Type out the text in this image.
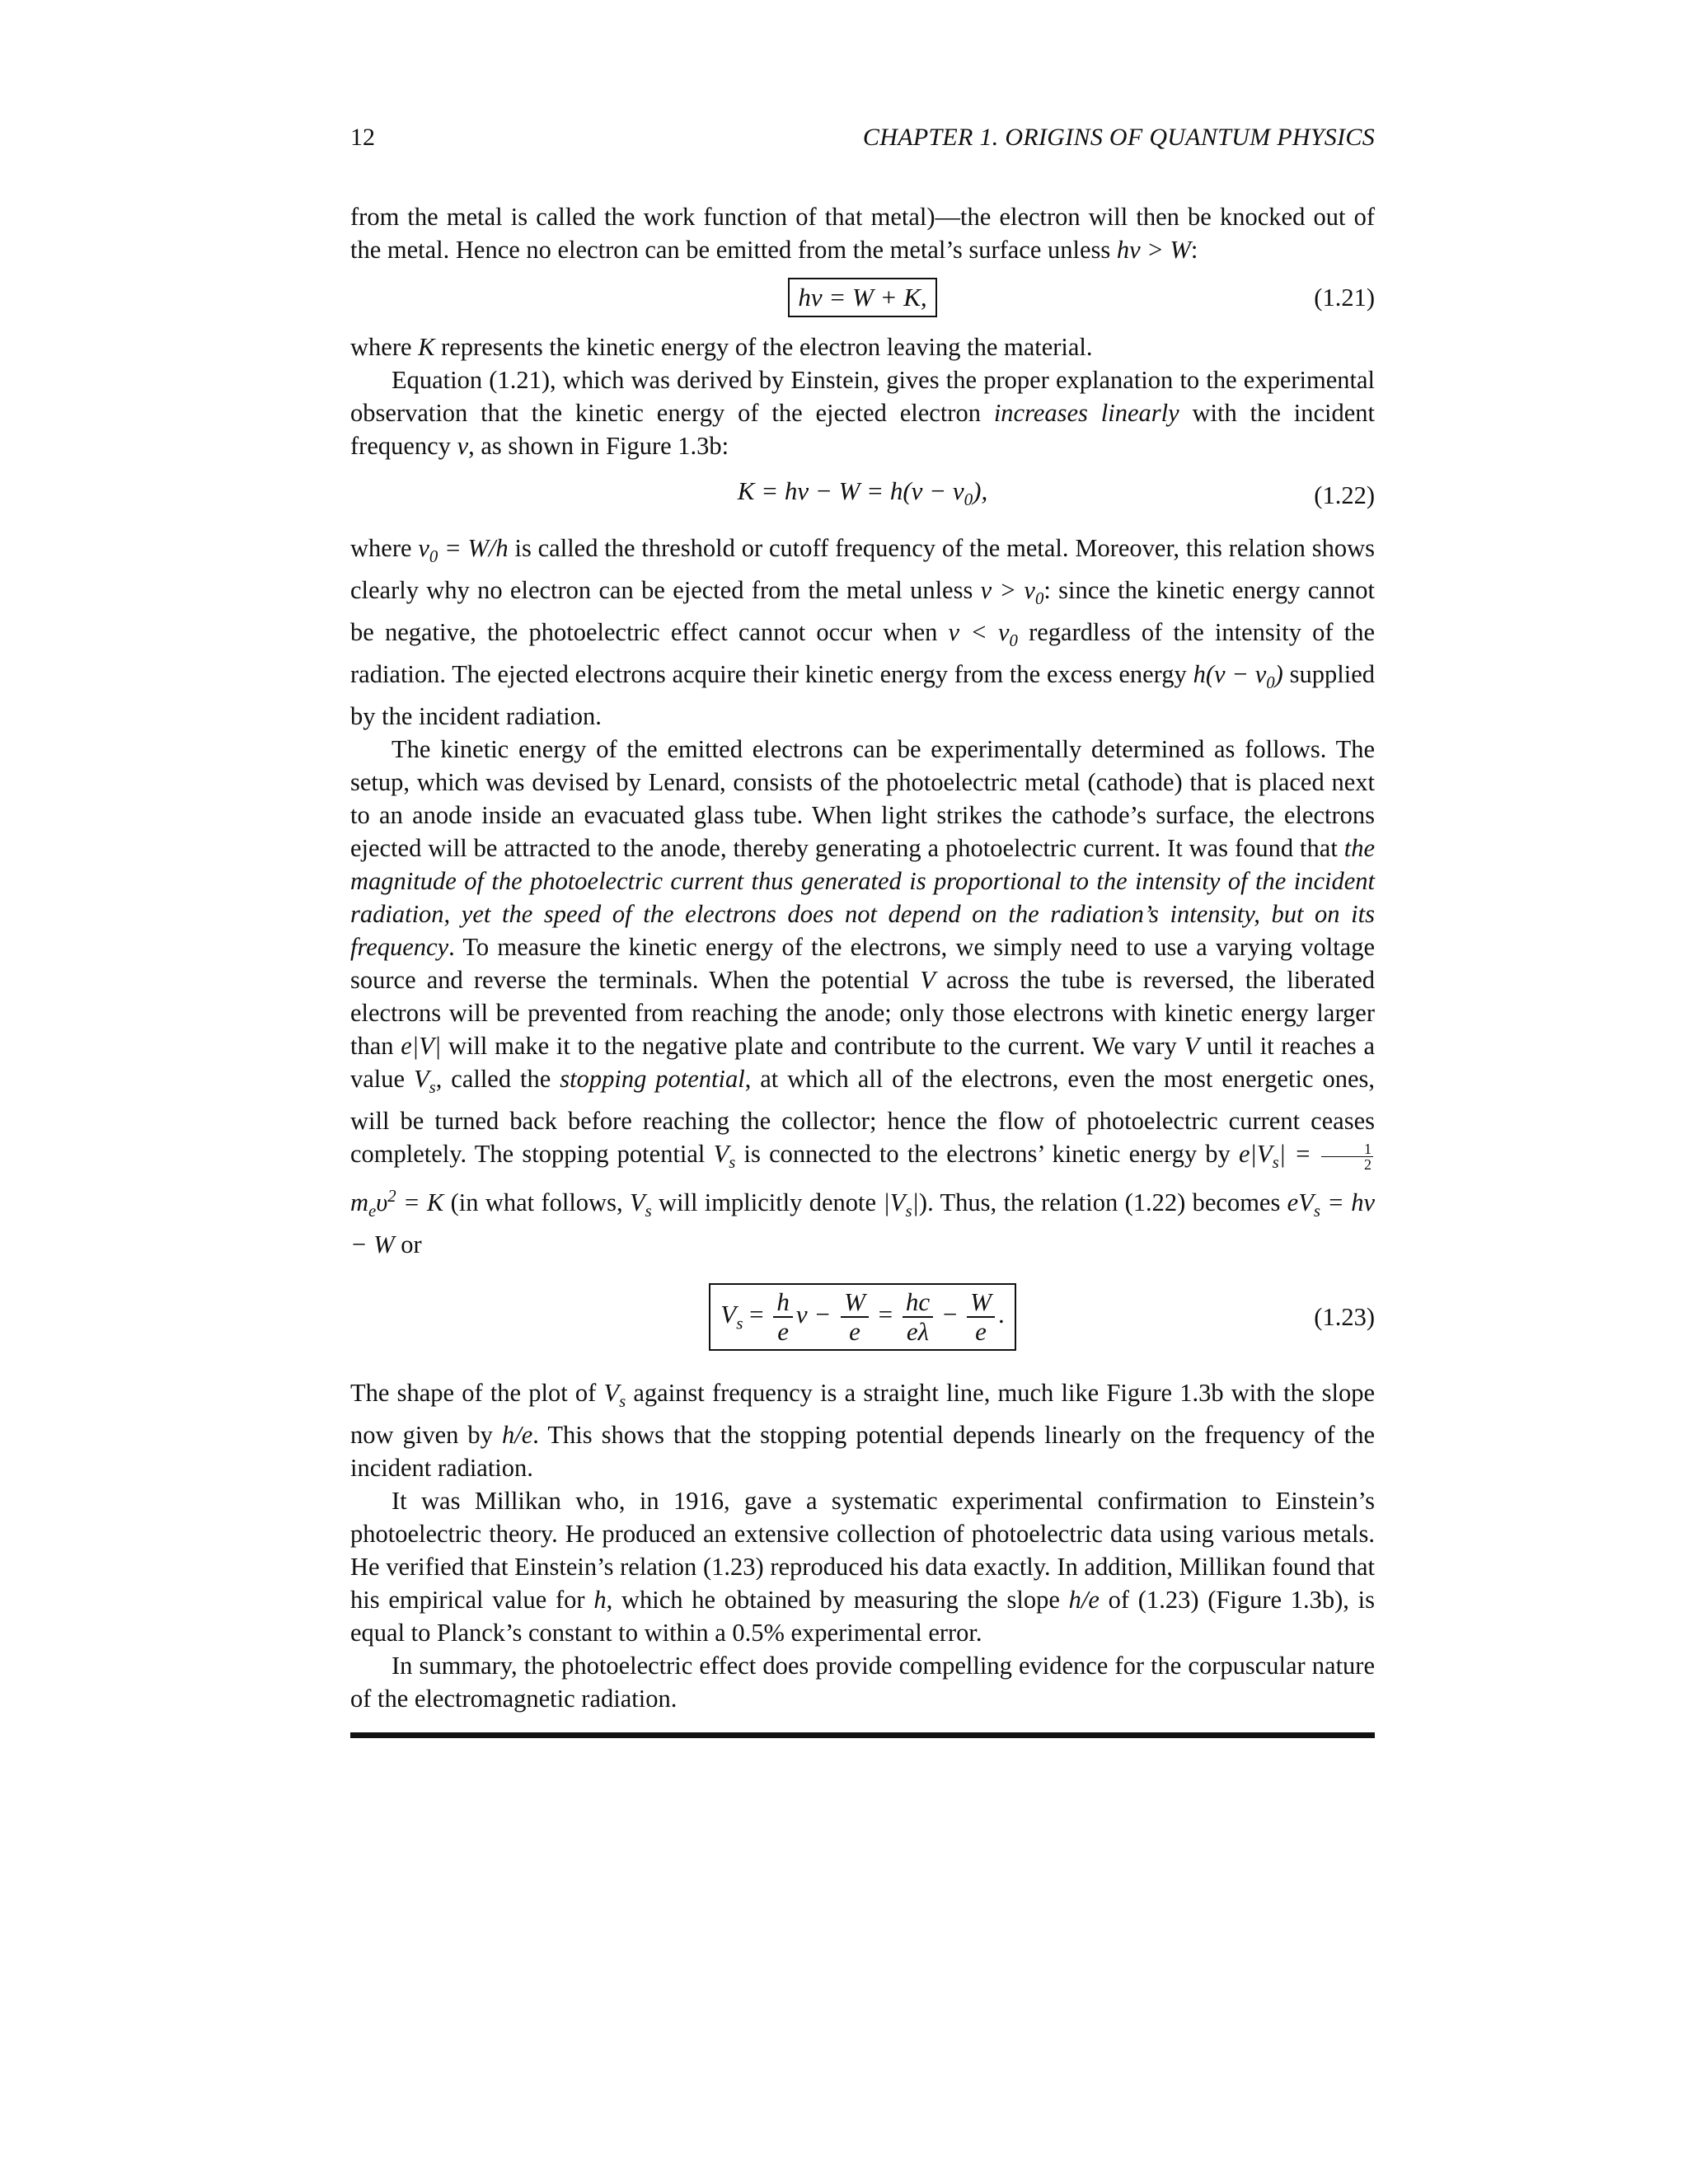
12	CHAPTER 1. ORIGINS OF QUANTUM PHYSICS

from the metal is called the work function of that metal)—the electron will then be knocked out of the metal. Hence no electron can be emitted from the metal’s surface unless hν > W:

hν = W + K,	(1.21)

where K represents the kinetic energy of the electron leaving the material.

Equation (1.21), which was derived by Einstein, gives the proper explanation to the experimental observation that the kinetic energy of the ejected electron increases linearly with the incident frequency ν, as shown in Figure 1.3b:

$K = h\nu - W = h(\nu - \nu_0)$,	(1.22)

where $\nu_0 = W/h$ is called the threshold or cutoff frequency of the metal. Moreover, this relation shows clearly why no electron can be ejected from the metal unless $\nu > \nu_0$: since the kinetic energy cannot be negative, the photoelectric effect cannot occur when $\nu < \nu_0$ regardless of the intensity of the radiation. The ejected electrons acquire their kinetic energy from the excess energy $h(\nu - \nu_0)$ supplied by the incident radiation.

The kinetic energy of the emitted electrons can be experimentally determined as follows. The setup, which was devised by Lenard, consists of the photoelectric metal (cathode) that is placed next to an anode inside an evacuated glass tube. When light strikes the cathode’s surface, the electrons ejected will be attracted to the anode, thereby generating a photoelectric current. It was found that the magnitude of the photoelectric current thus generated is proportional to the intensity of the incident radiation, yet the speed of the electrons does not depend on the radiation’s intensity, but on its frequency. To measure the kinetic energy of the electrons, we simply need to use a varying voltage source and reverse the terminals. When the potential V across the tube is reversed, the liberated electrons will be prevented from reaching the anode; only those electrons with kinetic energy larger than e|V| will make it to the negative plate and contribute to the current. We vary V until it reaches a value $V_s$, called the stopping potential, at which all of the electrons, even the most energetic ones, will be turned back before reaching the collector; hence the flow of photoelectric current ceases completely. The stopping potential $V_s$ is connected to the electrons’ kinetic energy by $e|V_s| = \frac{1}{2}$
$m_e\upsilon^2 = K$ (in what follows, $V_s$ will implicitly denote $|V_s|$). Thus, the relation (1.22) becomes $eV_s = h\nu - W$ or

$V_s = \frac{h}{e}$ $\nu - \frac{W}{e} = \frac{hc}{e\lambda} - \frac{W}{e}$ .	(1.23)

The shape of the plot of $V_s$ against frequency is a straight line, much like Figure 1.3b with the slope now given by h/e. This shows that the stopping potential depends linearly on the frequency of the incident radiation.

It was Millikan who, in 1916, gave a systematic experimental confirmation to Einstein’s photoelectric theory. He produced an extensive collection of photoelectric data using various metals. He verified that Einstein’s relation (1.23) reproduced his data exactly. In addition, Millikan found that his empirical value for h, which he obtained by measuring the slope h/e of (1.23) (Figure 1.3b), is equal to Planck’s constant to within a 0.5% experimental error.

In summary, the photoelectric effect does provide compelling evidence for the corpuscular nature of the electromagnetic radiation.
